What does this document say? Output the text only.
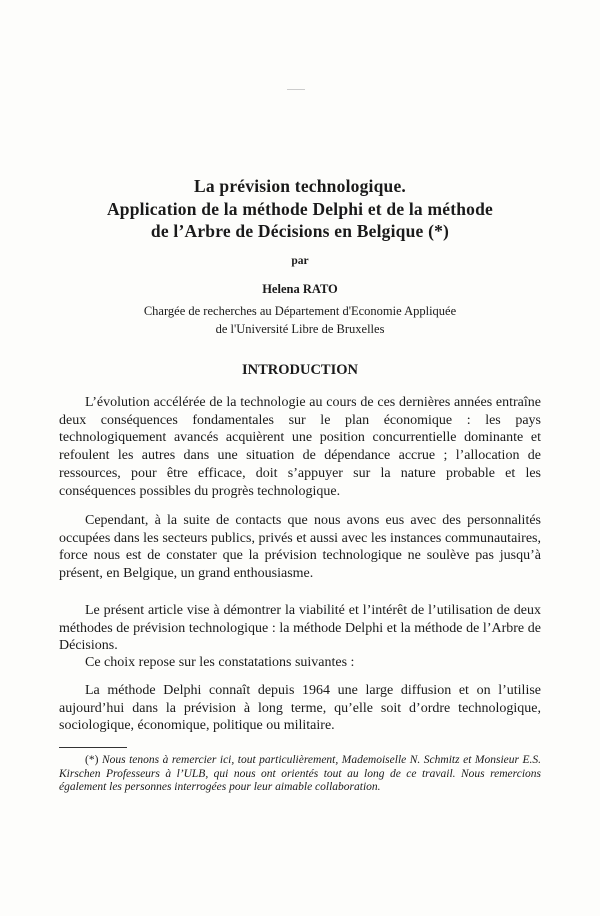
La prévision technologique.
Application de la méthode Delphi et de la méthode
de l’Arbre de Décisions en Belgique (*)
par
Helena RATO
Chargée de recherches au Département d'Economie Appliquée
de l'Université Libre de Bruxelles
INTRODUCTION

L’évolution accélérée de la technologie au cours de ces dernières années entraîne deux conséquences fondamentales sur le plan économique : les pays technologiquement avancés acquièrent une position concurrentielle dominante et refoulent les autres dans une situation de dépendance accrue ; l’allocation de ressources, pour être efficace, doit s’appuyer sur la nature probable et les conséquences possibles du progrès technologique.

Cependant, à la suite de contacts que nous avons eus avec des personnalités occupées dans les secteurs publics, privés et aussi avec les instances communautaires, force nous est de constater que la prévision technologique ne soulève pas jusqu’à présent, en Belgique, un grand enthousiasme.

Le présent article vise à démontrer la viabilité et l’intérêt de l’utilisation de deux méthodes de prévision technologique : la méthode Delphi et la méthode de l’Arbre de Décisions.

Ce choix repose sur les constatations suivantes :

La méthode Delphi connaît depuis 1964 une large diffusion et on l’utilise aujourd’hui dans la prévision à long terme, qu’elle soit d’ordre technologique, sociologique, économique, politique ou militaire.

(*) Nous tenons à remercier ici, tout particulièrement, Mademoiselle N. Schmitz et Monsieur E.S. Kirschen Professeurs à l’ULB, qui nous ont orientés tout au long de ce travail. Nous remercions également les personnes interrogées pour leur aimable collaboration.
